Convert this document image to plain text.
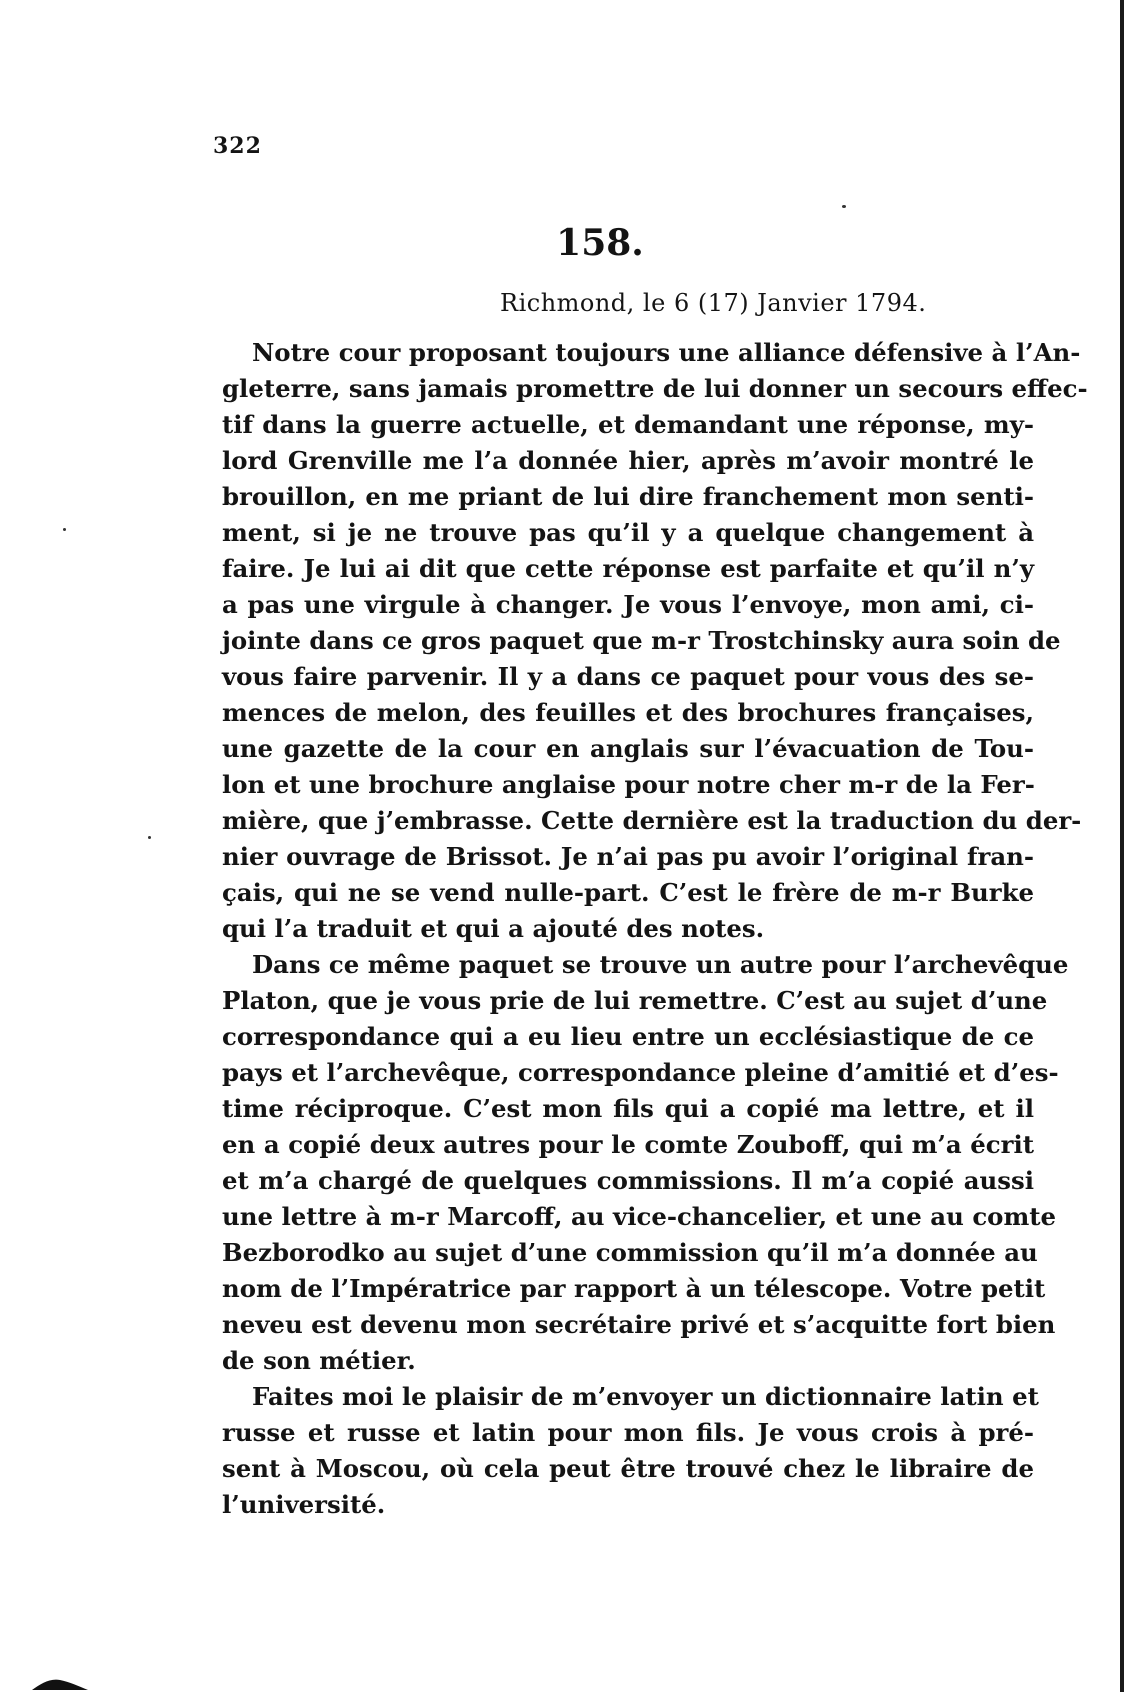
322
158.
Richmond, le 6 (17) Janvier 1794.
Notre cour proposant toujours une alliance défensive à l’An-
gleterre, sans jamais promettre de lui donner un secours effec-
tif dans la guerre actuelle, et demandant une réponse, my-
lord Grenville me l’a donnée hier, après m’avoir montré le
brouillon, en me priant de lui dire franchement mon senti-
ment, si je ne trouve pas qu’il y a quelque changement à
faire. Je lui ai dit que cette réponse est parfaite et qu’il n’y
a pas une virgule à changer. Je vous l’envoye, mon ami, ci-
jointe dans ce gros paquet que m-r Trostchinsky aura soin de
vous faire parvenir. Il y a dans ce paquet pour vous des se-
mences de melon, des feuilles et des brochures françaises,
une gazette de la cour en anglais sur l’évacuation de Tou-
lon et une brochure anglaise pour notre cher m-r de la Fer-
mière, que j’embrasse. Cette dernière est la traduction du der-
nier ouvrage de Brissot. Je n’ai pas pu avoir l’original fran-
çais, qui ne se vend nulle-part. C’est le frère de m-r Burke
qui l’a traduit et qui a ajouté des notes.
Dans ce même paquet se trouve un autre pour l’archevêque
Platon, que je vous prie de lui remettre. C’est au sujet d’une
correspondance qui a eu lieu entre un ecclésiastique de ce
pays et l’archevêque, correspondance pleine d’amitié et d’es-
time réciproque. C’est mon fils qui a copié ma lettre, et il
en a copié deux autres pour le comte Zouboff, qui m’a écrit
et m’a chargé de quelques commissions. Il m’a copié aussi
une lettre à m-r Marcoff, au vice-chancelier, et une au comte
Bezborodko au sujet d’une commission qu’il m’a donnée au
nom de l’Impératrice par rapport à un télescope. Votre petit
neveu est devenu mon secrétaire privé et s’acquitte fort bien
de son métier.
Faites moi le plaisir de m’envoyer un dictionnaire latin et
russe et russe et latin pour mon fils. Je vous crois à pré-
sent à Moscou, où cela peut être trouvé chez le libraire de
l’université.
